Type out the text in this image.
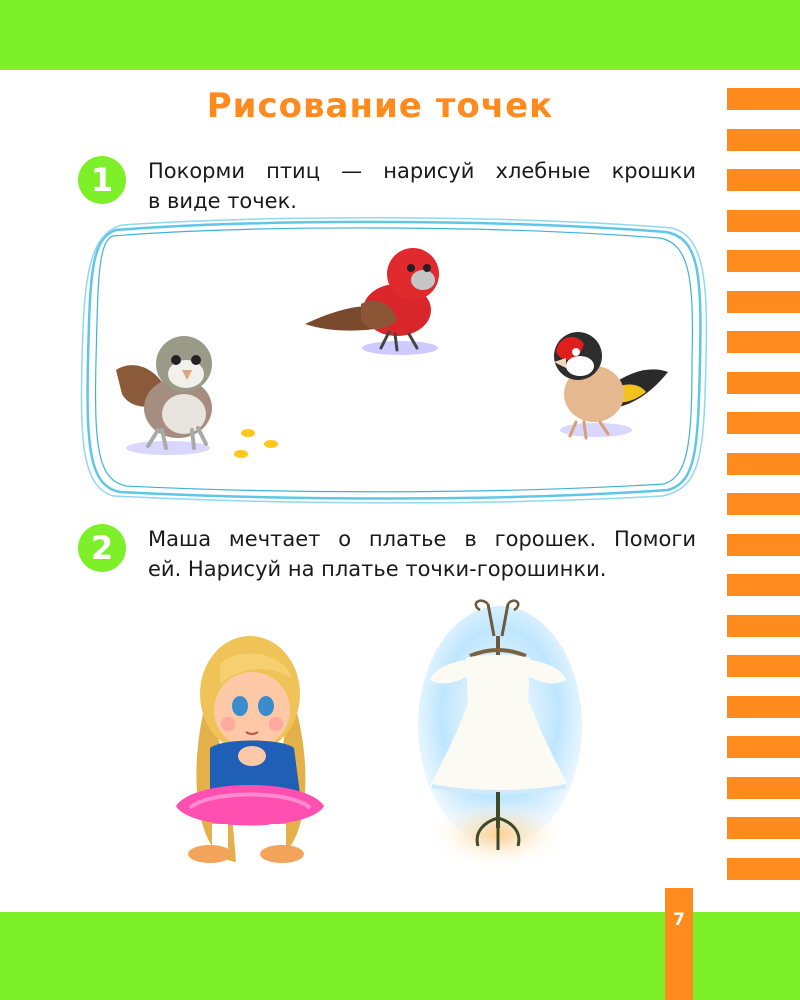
Рисование точек
1	Покорми птиц — нарисуй хлебные крошки
в виде точек.
2	Маша мечтает о платье в горошек. Помоги
ей. Нарисуй на платье точки-горошинки.
7
